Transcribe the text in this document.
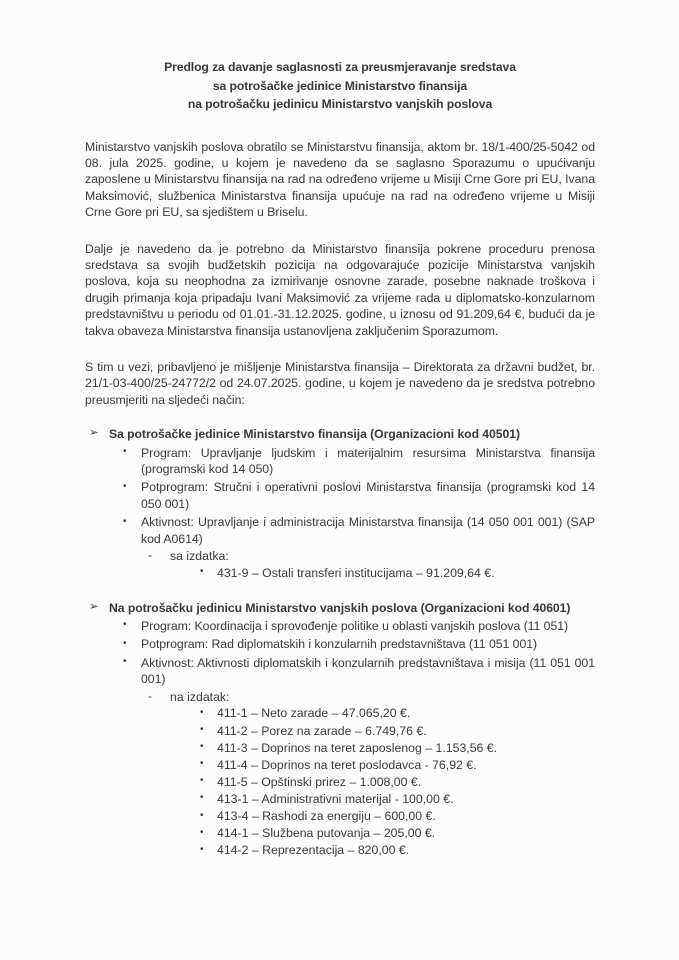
Predlog za davanje saglasnosti za preusmjeravanje sredstava
sa potrošačke jedinice Ministarstvo finansija
na potrošačku jedinicu Ministarstvo vanjskih poslova

Ministarstvo vanjskih poslova obratilo se Ministarstvu finansija, aktom br. 18/1-400/25-5042 od 08. jula 2025. godine, u kojem je navedeno da se saglasno Sporazumu o upućivanju zaposlene u Ministarstvu finansija na rad na određeno vrijeme u Misiji Crne Gore pri EU, Ivana Maksimović, službenica Ministarstva finansija upućuje na rad na određeno vrijeme u Misiji Crne Gore pri EU, sa sjedištem u Briselu.

Dalje je navedeno da je potrebno da Ministarstvo finansija pokrene proceduru prenosa sredstava sa svojih budžetskih pozicija na odgovarajuće pozicije Ministarstva vanjskih poslova, koja su neophodna za izmirivanje osnovne zarade, posebne naknade troškova i drugih primanja koja pripadaju Ivani Maksimović za vrijeme rada u diplomatsko-konzularnom predstavništvu u periodu od 01.01.-31.12.2025. godine, u iznosu od 91.209,64 €, budući da je takva obaveza Ministarstva finansija ustanovljena zaključenim Sporazumom.

S tim u vezi, pribavljeno je mišljenje Ministarstva finansija – Direktorata za državni budžet, br. 21/1-03-400/25-24772/2 od 24.07.2025. godine, u kojem je navedeno da je sredstva potrebno preusmjeriti na sljedeći način:

➢ Sa potrošačke jedinice Ministarstvo finansija (Organizacioni kod 40501)
• Program: Upravljanje ljudskim i materijalnim resursima Ministarstva finansija (programski kod 14 050)
• Potprogram: Stručni i operativni poslovi Ministarstva finansija (programski kod 14 050 001)
• Aktivnost: Upravljanje i administracija Ministarstva finansija (14 050 001 001) (SAP kod A0614)
- sa izdatka:
• 431-9 – Ostali transferi institucijama – 91.209,64 €.
➢ Na potrošačku jedinicu Ministarstvo vanjskih poslova (Organizacioni kod 40601)
• Program: Koordinacija i sprovođenje politike u oblasti vanjskih poslova (11 051)
• Potprogram: Rad diplomatskih i konzularnih predstavništava (11 051 001)
• Aktivnost: Aktivnosti diplomatskih i konzularnih predstavništava i misija (11 051 001 001)
- na izdatak:
• 411-1 – Neto zarade – 47.065,20 €.
• 411-2 – Porez na zarade – 6.749,76 €.
• 411-3 – Doprinos na teret zaposlenog – 1.153,56 €.
• 411-4 – Doprinos na teret poslodavca - 76,92 €.
• 411-5 – Opštinski prirez – 1.008,00 €.
• 413-1 – Administrativni materijal - 100,00 €.
• 413-4 – Rashodi za energiju – 600,00 €.
• 414-1 – Službena putovanja – 205,00 €.
• 414-2 – Reprezentacija – 820,00 €.
